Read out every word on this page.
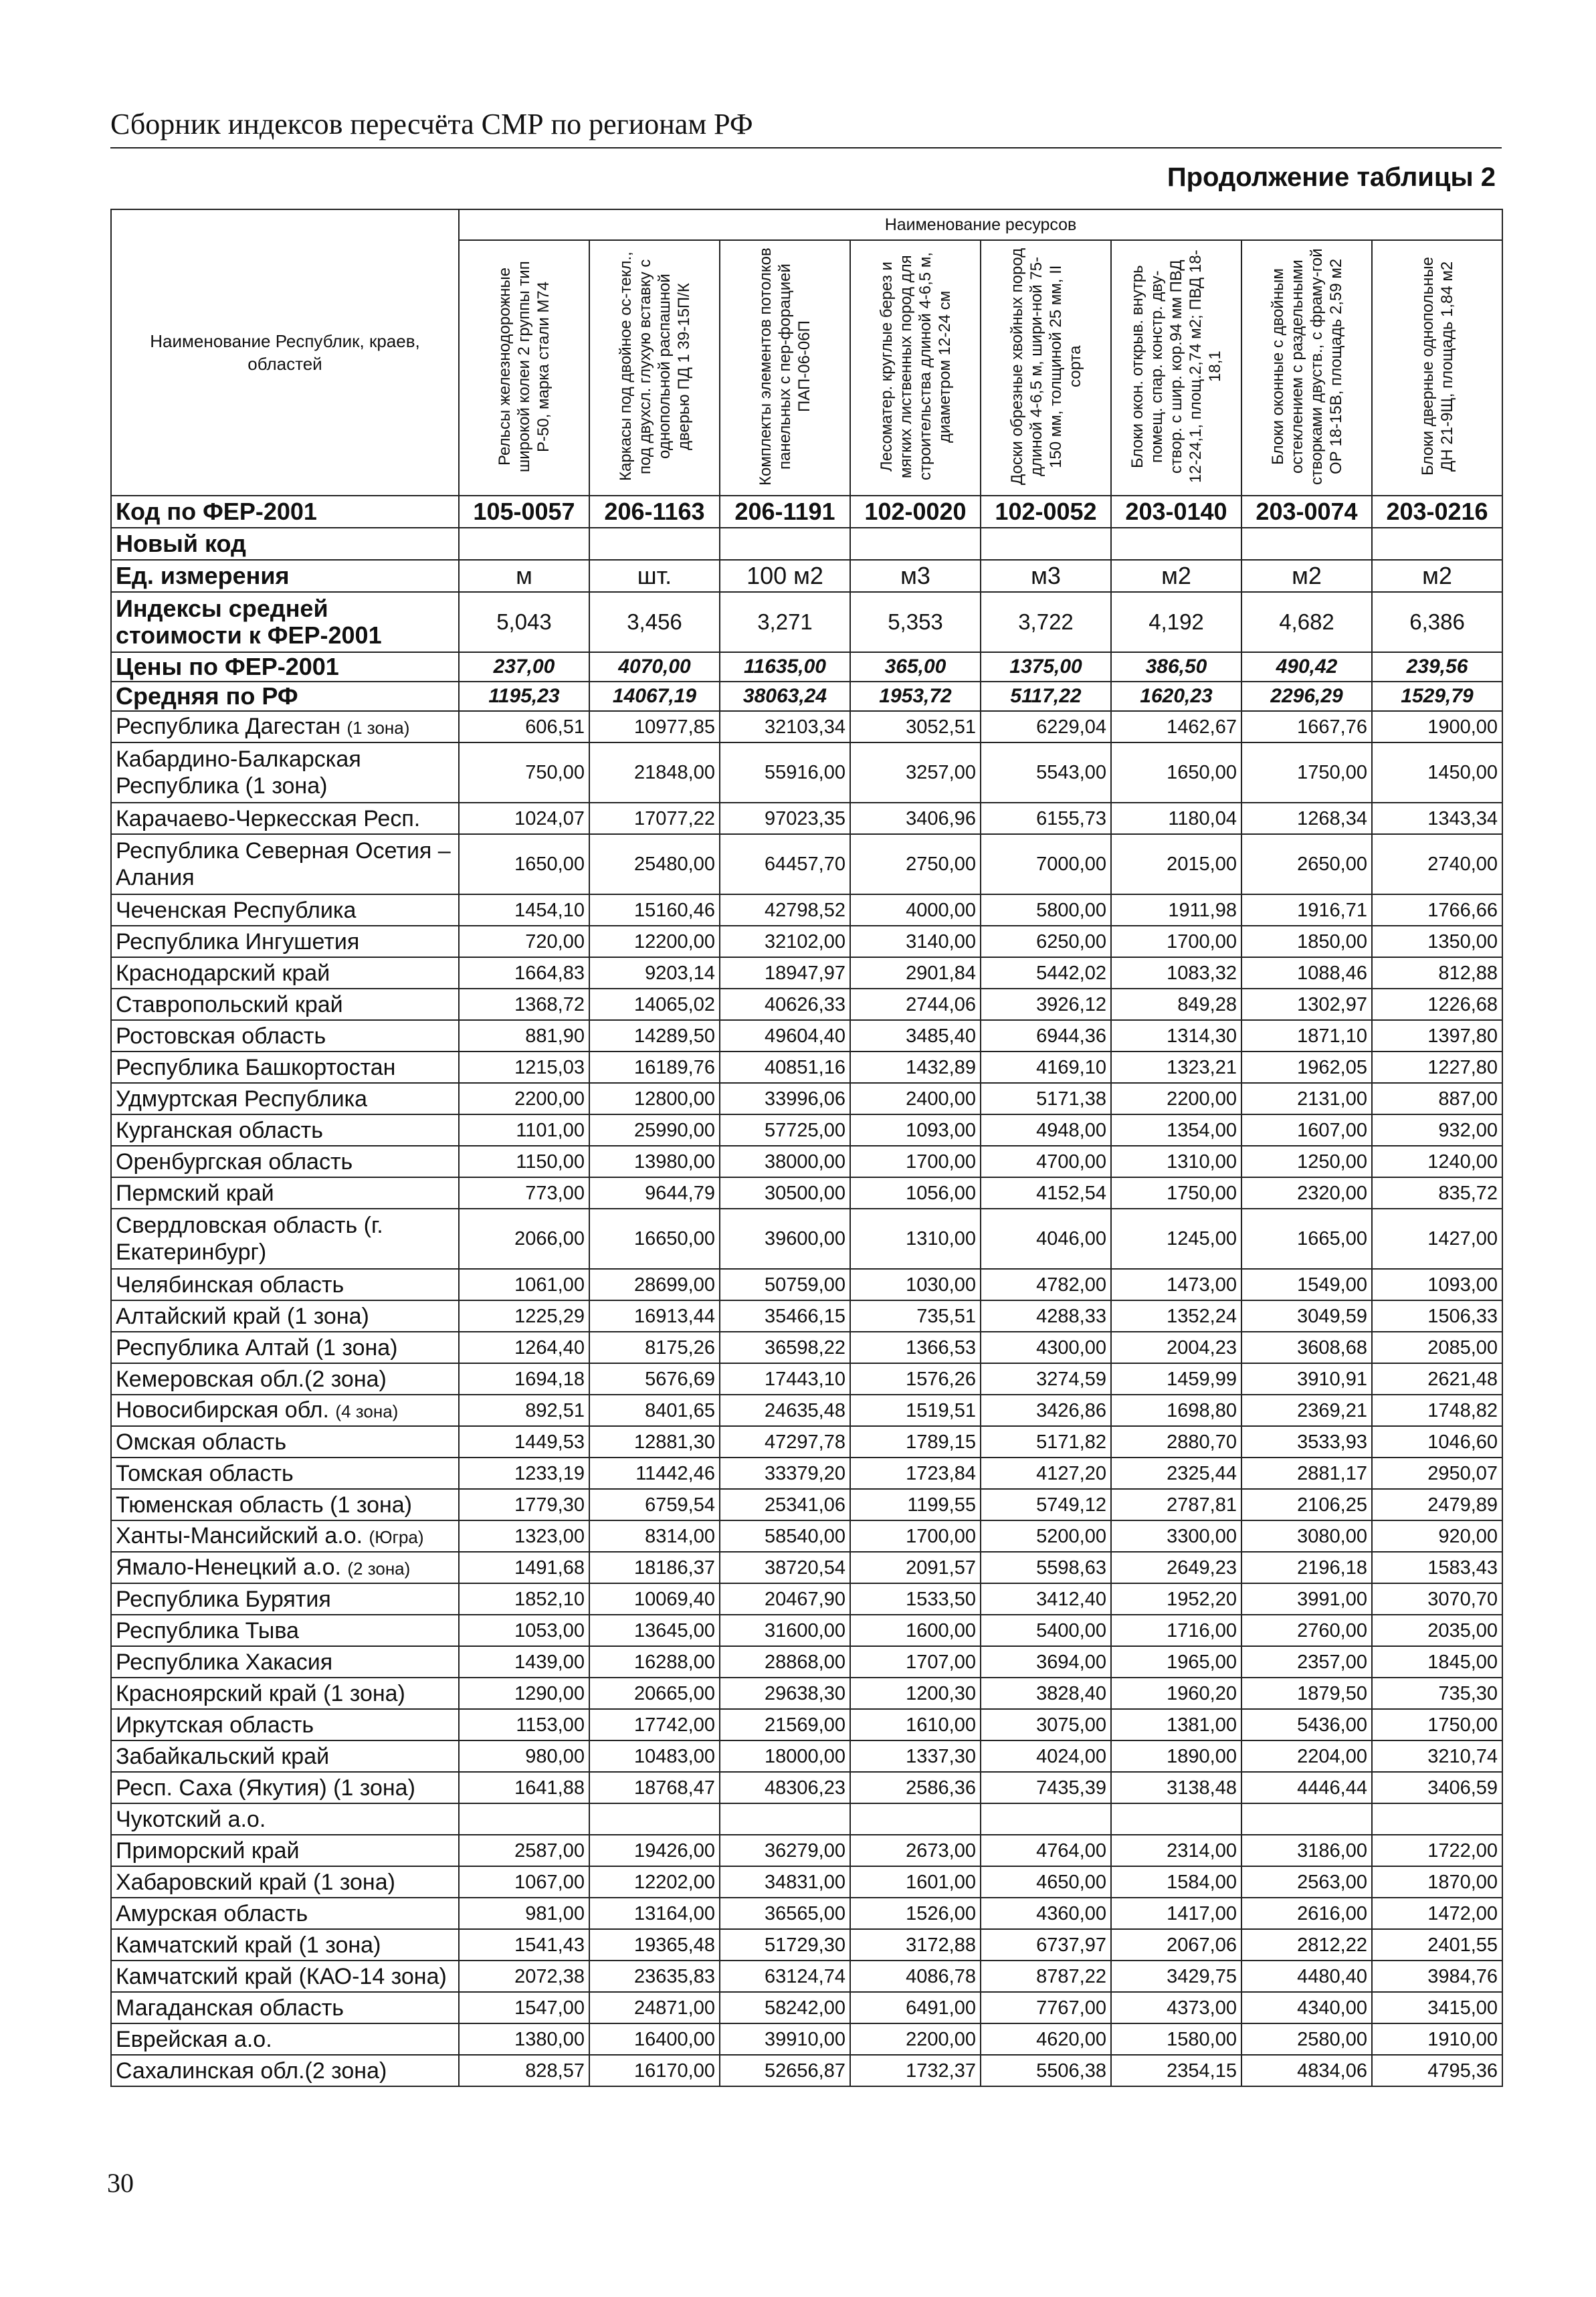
Сборник индексов пересчёта СМР по регионам РФ
Продолжение таблицы 2
Наименование Республик, краев, областей	Наименование ресурсов							
	Рельсы железнодорожные широкой колеи 2 группы тип Р-50, марка стали М74	Каркасы под двойное ос-текл., под двухсл. глухую вставку с однопольной распашной дверью ПД 1 39-15П/К	Комплекты элементов потолков панельных с пер-форацией ПАП-06-06П	Лесоматер. круглые берез и мягких лиственных пород для строительства длиной 4-6,5 м, диаметром 12-24 см	Доски обрезные хвойных пород длиной 4-6,5 м, шири-ной 75-150 мм, толщиной 25 мм, II сорта	Блоки окон. открыв. внутрь помещ. спар. констр. дву-створ. с шир. кор.94 мм ПВД 12-24,1, площ.2,74 м2; ПВД 18-18,1	Блоки оконные с двойным остеклением с раздельными створками двуств., с фраму-гой ОР 18-15В, площадь 2,59 м2	Блоки дверные однопольные ДН 21-9Щ, площадь 1,84 м2
Код по ФЕР-2001	105-0057	206-1163	206-1191	102-0020	102-0052	203-0140	203-0074	203-0216
Новый код								
Ед. измерения	м	шт.	100 м2	м3	м3	м2	м2	м2
Индексы средней стоимости к ФЕР-2001	5,043	3,456	3,271	5,353	3,722	4,192	4,682	6,386
Цены по ФЕР-2001	237,00	4070,00	11635,00	365,00	1375,00	386,50	490,42	239,56
Средняя по РФ	1195,23	14067,19	38063,24	1953,72	5117,22	1620,23	2296,29	1529,79
Республика Дагестан (1 зона)	606,51	10977,85	32103,34	3052,51	6229,04	1462,67	1667,76	1900,00
Кабардино-Балкарская Республика (1 зона)	750,00	21848,00	55916,00	3257,00	5543,00	1650,00	1750,00	1450,00
Карачаево-Черкесская Респ.	1024,07	17077,22	97023,35	3406,96	6155,73	1180,04	1268,34	1343,34
Республика Северная Осетия – Алания	1650,00	25480,00	64457,70	2750,00	7000,00	2015,00	2650,00	2740,00
Чеченская Республика	1454,10	15160,46	42798,52	4000,00	5800,00	1911,98	1916,71	1766,66
Республика Ингушетия	720,00	12200,00	32102,00	3140,00	6250,00	1700,00	1850,00	1350,00
Краснодарский край	1664,83	9203,14	18947,97	2901,84	5442,02	1083,32	1088,46	812,88
Ставропольский край	1368,72	14065,02	40626,33	2744,06	3926,12	849,28	1302,97	1226,68
Ростовская область	881,90	14289,50	49604,40	3485,40	6944,36	1314,30	1871,10	1397,80
Республика Башкортостан	1215,03	16189,76	40851,16	1432,89	4169,10	1323,21	1962,05	1227,80
Удмуртская Республика	2200,00	12800,00	33996,06	2400,00	5171,38	2200,00	2131,00	887,00
Курганская область	1101,00	25990,00	57725,00	1093,00	4948,00	1354,00	1607,00	932,00
Оренбургская область	1150,00	13980,00	38000,00	1700,00	4700,00	1310,00	1250,00	1240,00
Пермский край	773,00	9644,79	30500,00	1056,00	4152,54	1750,00	2320,00	835,72
Свердловская область (г. Екатеринбург)	2066,00	16650,00	39600,00	1310,00	4046,00	1245,00	1665,00	1427,00
Челябинская область	1061,00	28699,00	50759,00	1030,00	4782,00	1473,00	1549,00	1093,00
Алтайский край (1 зона)	1225,29	16913,44	35466,15	735,51	4288,33	1352,24	3049,59	1506,33
Республика Алтай (1 зона)	1264,40	8175,26	36598,22	1366,53	4300,00	2004,23	3608,68	2085,00
Кемеровская обл.(2 зона)	1694,18	5676,69	17443,10	1576,26	3274,59	1459,99	3910,91	2621,48
Новосибирская обл. (4 зона)	892,51	8401,65	24635,48	1519,51	3426,86	1698,80	2369,21	1748,82
Омская область	1449,53	12881,30	47297,78	1789,15	5171,82	2880,70	3533,93	1046,60
Томская область	1233,19	11442,46	33379,20	1723,84	4127,20	2325,44	2881,17	2950,07
Тюменская область (1 зона)	1779,30	6759,54	25341,06	1199,55	5749,12	2787,81	2106,25	2479,89
Ханты-Мансийский а.о. (Югра)	1323,00	8314,00	58540,00	1700,00	5200,00	3300,00	3080,00	920,00
Ямало-Ненецкий а.о. (2 зона)	1491,68	18186,37	38720,54	2091,57	5598,63	2649,23	2196,18	1583,43
Республика Бурятия	1852,10	10069,40	20467,90	1533,50	3412,40	1952,20	3991,00	3070,70
Республика Тыва	1053,00	13645,00	31600,00	1600,00	5400,00	1716,00	2760,00	2035,00
Республика Хакасия	1439,00	16288,00	28868,00	1707,00	3694,00	1965,00	2357,00	1845,00
Красноярский край (1 зона)	1290,00	20665,00	29638,30	1200,30	3828,40	1960,20	1879,50	735,30
Иркутская область	1153,00	17742,00	21569,00	1610,00	3075,00	1381,00	5436,00	1750,00
Забайкальский край	980,00	10483,00	18000,00	1337,30	4024,00	1890,00	2204,00	3210,74
Респ. Саха (Якутия) (1 зона)	1641,88	18768,47	48306,23	2586,36	7435,39	3138,48	4446,44	3406,59
Чукотский а.о.								
Приморский край	2587,00	19426,00	36279,00	2673,00	4764,00	2314,00	3186,00	1722,00
Хабаровский край (1 зона)	1067,00	12202,00	34831,00	1601,00	4650,00	1584,00	2563,00	1870,00
Амурская область	981,00	13164,00	36565,00	1526,00	4360,00	1417,00	2616,00	1472,00
Камчатский край (1 зона)	1541,43	19365,48	51729,30	3172,88	6737,97	2067,06	2812,22	2401,55
Камчатский край (КАО-14 зона)	2072,38	23635,83	63124,74	4086,78	8787,22	3429,75	4480,40	3984,76
Магаданская область	1547,00	24871,00	58242,00	6491,00	7767,00	4373,00	4340,00	3415,00
Еврейская а.о.	1380,00	16400,00	39910,00	2200,00	4620,00	1580,00	2580,00	1910,00
Сахалинская обл.(2 зона)	828,57	16170,00	52656,87	1732,37	5506,38	2354,15	4834,06	4795,36
30
